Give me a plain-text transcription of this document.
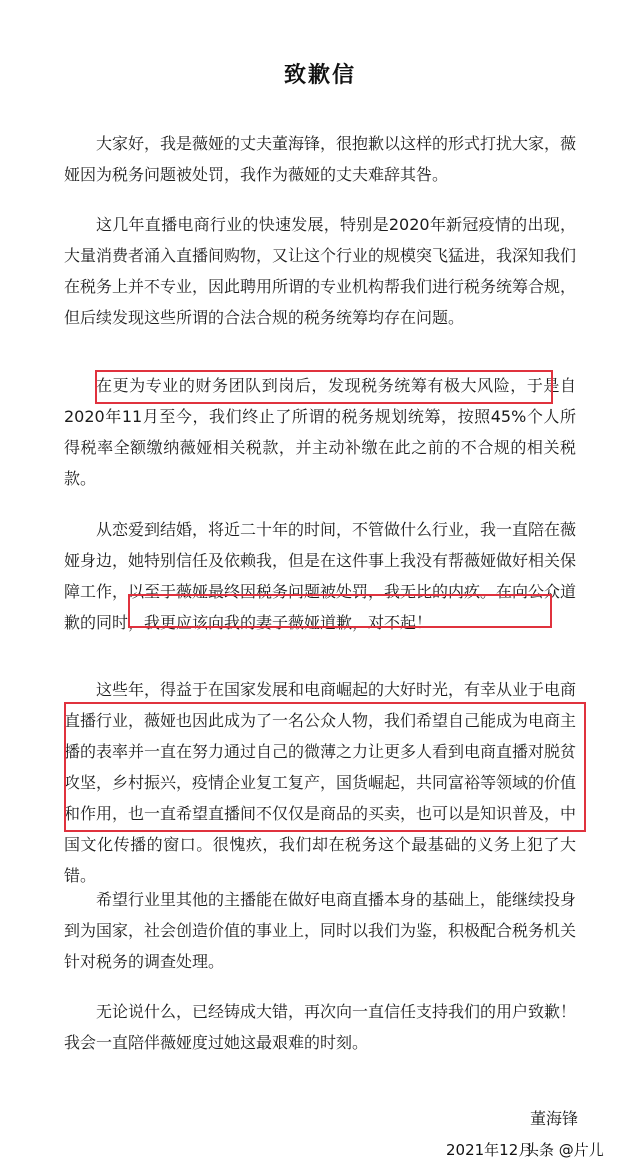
致歉信
大家好，我是薇娅的丈夫董海锋，很抱歉以这样的形式打扰大家，薇娅因为税务问题被处罚，我作为薇娅的丈夫难辞其咎。
这几年直播电商行业的快速发展，特别是2020年新冠疫情的出现，大量消费者涌入直播间购物，又让这个行业的规模突飞猛进，我深知我们在税务上并不专业，因此聘用所谓的专业机构帮我们进行税务统筹合规，但后续发现这些所谓的合法合规的税务统筹均存在问题。
在更为专业的财务团队到岗后，发现税务统筹有极大风险，于是自2020年11月至今，我们终止了所谓的税务规划统筹，按照45%个人所得税率全额缴纳薇娅相关税款，并主动补缴在此之前的不合规的相关税款。
从恋爱到结婚，将近二十年的时间，不管做什么行业，我一直陪在薇娅身边，她特别信任及依赖我，但是在这件事上我没有帮薇娅做好相关保障工作，以至于薇娅最终因税务问题被处罚，我无比的内疚。在向公众道歉的同时，我更应该向我的妻子薇娅道歉，对不起！
这些年，得益于在国家发展和电商崛起的大好时光，有幸从业于电商直播行业，薇娅也因此成为了一名公众人物，我们希望自己能成为电商主播的表率并一直在努力通过自己的微薄之力让更多人看到电商直播对脱贫攻坚，乡村振兴，疫情企业复工复产，国货崛起，共同富裕等领域的价值和作用，也一直希望直播间不仅仅是商品的买卖，也可以是知识普及，中国文化传播的窗口。很愧疚，我们却在税务这个最基础的义务上犯了大错。
希望行业里其他的主播能在做好电商直播本身的基础上，能继续投身到为国家，社会创造价值的事业上，同时以我们为鉴，积极配合税务机关针对税务的调查处理。
无论说什么，已经铸成大错，再次向一直信任支持我们的用户致歉！我会一直陪伴薇娅度过她这最艰难的时刻。
董海锋
2021年12月
头条 @片儿
